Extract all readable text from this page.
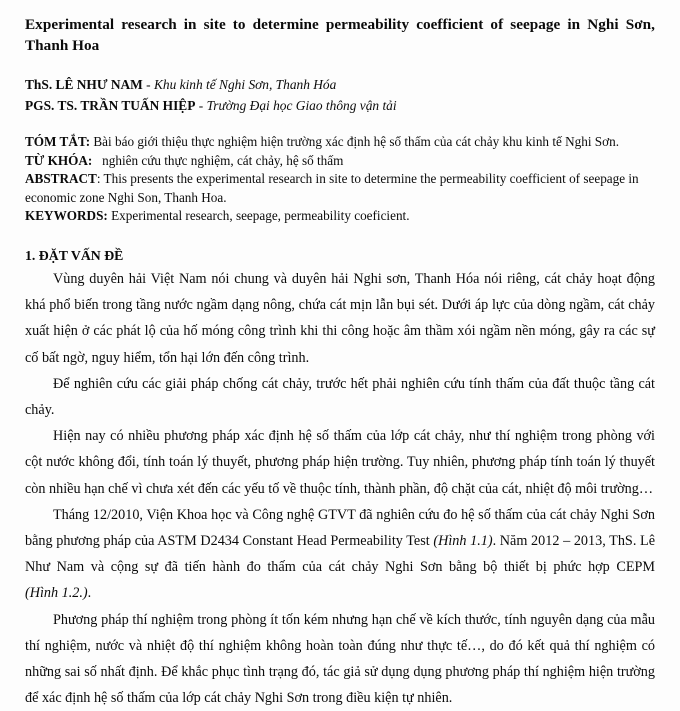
Experimental research in site to determine permeability coefficient of seepage in Nghi Sơn, Thanh Hoa
ThS. LÊ NHƯ NAM - Khu kinh tế Nghi Sơn, Thanh Hóa
PGS. TS. TRẦN TUẤN HIỆP - Trường Đại học Giao thông vận tải

TÓM TẮT: Bài báo giới thiệu thực nghiệm hiện trường xác định hệ số thấm của cát chảy khu kinh tế Nghi Sơn.

TỪ KHÓA:   nghiên cứu thực nghiệm, cát chảy, hệ số thấm

ABSTRACT: This presents the experimental research in site to determine the permeability coefficient of seepage in economic zone Nghi Son, Thanh Hoa.

KEYWORDS: Experimental research, seepage, permeability coeficient.

1. ĐẶT VẤN ĐỀ

Vùng duyên hải Việt Nam nói chung và duyên hải Nghi sơn, Thanh Hóa nói riêng, cát chảy hoạt động khá phổ biến trong tầng nước ngầm dạng nông, chứa cát mịn lẫn bụi sét. Dưới áp lực của dòng ngầm, cát chảy xuất hiện ở các phát lộ của hố móng công trình khi thi công hoặc âm thầm xói ngầm nền móng, gây ra các sự cố bất ngờ, nguy hiểm, tổn hại lớn đến công trình.

Để nghiên cứu các giải pháp chống cát chảy, trước hết phải nghiên cứu tính thấm của đất thuộc tầng cát chảy.

Hiện nay có nhiều phương pháp xác định hệ số thấm của lớp cát chảy, như thí nghiệm trong phòng với cột nước không đổi, tính toán lý thuyết, phương pháp hiện trường. Tuy nhiên, phương pháp tính toán lý thuyết còn nhiều hạn chế vì chưa xét đến các yếu tố về thuộc tính, thành phần, độ chặt của cát, nhiệt độ môi trường…

Tháng 12/2010, Viện Khoa học và Công nghệ GTVT đã nghiên cứu đo hệ số thấm của cát chảy Nghi Sơn bằng phương pháp của ASTM D2434 Constant Head Permeability Test (Hình 1.1). Năm 2012 – 2013, ThS. Lê Như Nam và cộng sự đã tiến hành đo thấm của cát chảy Nghi Sơn bằng bộ thiết bị phức hợp CEPM (Hình 1.2.).

Phương pháp thí nghiệm trong phòng ít tốn kém nhưng hạn chế về kích thước, tính nguyên dạng của mẫu thí nghiệm, nước và nhiệt độ thí nghiệm không hoàn toàn đúng như thực tế…, do đó kết quả thí nghiệm có những sai số nhất định. Để khắc phục tình trạng đó, tác giả sử dụng dụng phương pháp thí nghiệm hiện trường để xác định hệ số thấm của lớp cát chảy Nghi Sơn trong điều kiện tự nhiên.
